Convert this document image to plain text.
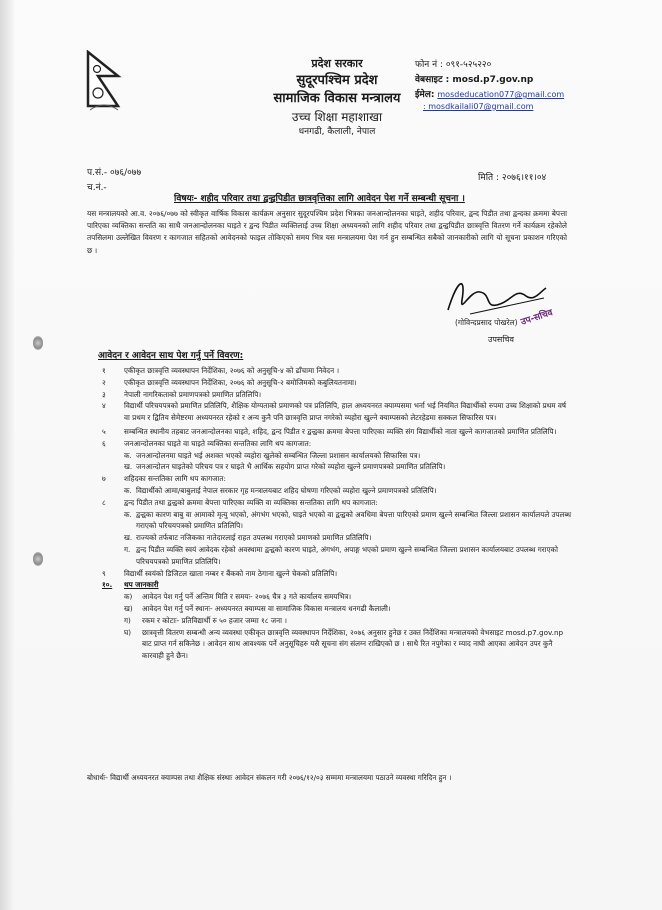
प्रदेश सरकार
सुदूरपश्चिम प्रदेश
सामाजिक विकास मन्त्रालय
उच्च शिक्षा महाशाखा
धनगढी, कैलाली, नेपाल
फोन नं : ०९१-५२५२२०
वेबसाइट : mosd.p7.gov.np
ईमेल: mosdeducation077@gmail.com
: mosdkailali07@gmail.com
प.सं.- ०७६/०७७
च.नं.-
मिति : २०७६।११।०४
विषयः- शहीद परिवार तथा द्वन्द्वपिडीत छात्रवृत्तिका लागि आवेदन पेश गर्ने सम्बन्धी सूचना ।
यस मन्त्रालयको आ.व. २०७६/०७७ को स्वीकृत वार्षिक विकास कार्यक्रम अनुसार सुदूरपश्चिम प्रदेश भित्रका जनआन्दोलनका घाइते, शहीद परिवार, द्वन्द पिडीत तथा द्वन्दका क्रममा बेपत्ता पारिएका व्यक्तिका सन्तति का साथै जनआन्दोलनका घाइते र द्वन्द पिडीत व्यक्तिलाई उच्च शिक्षा अध्ययनको लागि शहीद परिवार तथा द्वन्द्वपिडीत छात्रवृत्ति वितरण गर्ने कार्यक्रम रहेकोले तपसिलमा उल्लेखित विवरण र कागजात सहितको आवेदनको फाइल तोकिएको समय भित्र यस मन्त्रालयमा पेश गर्न हुन सम्बन्धित सबैको जानकारीको लागि यो सूचना प्रकाशन गरिएको छ ।
उप-सचिव
(गोविन्दप्रसाद पोखरेल)
उपसचिव
आवेदन र आवेदन साथ पेश गर्नु पर्ने विवरण:
१	एकीकृत छात्रवृत्ति व्यवस्थापन निर्देशिका, २०७६ को अनुसूचि-४ को ढाँचामा निवेदन ।
२	एकीकृत छात्रवृत्ति व्यवस्थापन निर्देशिका, २०७६ को अनुसूचि-२ बमोजिमको कबुलियतनामा।
३	नेपाली नागरिकताको प्रमाणपत्रको प्रमाणित प्रतिलिपि।
४	विद्यार्थी परिचयपत्रको प्रमाणित प्रतिलिपि, शैक्षिक योग्यताको प्रमाणको पत्र प्रतिलिपि, हाल अध्ययनरत क्याम्पसमा भर्ना भई नियमित विद्यार्थीको रुपमा उच्च शिक्षाको प्रथम वर्ष वा प्रथम र द्वितिय सेमेष्टरमा अध्ययनरत रहेको र अन्य कुनै पनि छात्रवृत्ति प्राप्त नगरेको व्यहोरा खुल्ने क्याम्पसको लेटरहेडमा सक्कल सिफारिस पत्र।
५	सम्बन्धित स्थानीय तहबाट जनआन्दोलनका घाइते, शहिद, द्वन्द पिडीत र द्वन्द्वका क्रममा बेपत्ता पारिएका व्यक्ति संग विद्यार्थीको नाता खुल्ने कागजातको प्रमाणित प्रतिलिपि।
६	जनआन्दोलनका घाइते वा घाइते व्यक्तिका सन्ततिका लागि थप कागजात:
क. जनआन्दोलनमा घाइते भई अशक्त भएको व्यहोरा खुलेको सम्बन्धित जिल्ला प्रशासन कार्यालयको सिफारिस पत्र।
ख. जनआन्दोलन घाइतेको परिचय पत्र र घाइते भै आर्थिक सहयोग प्राप्त गरेको व्यहोरा खुल्ने प्रमाणपत्रको प्रमाणित प्रतिलिपि।
७	शहिदका सन्ततिका लागि थप कागजात:
क. विद्यार्थीको आमा/बाबुलाई नेपाल सरकार गृह मन्त्रालयबाट शहिद घोषणा गरिएको व्यहोरा खुल्ने प्रमाणपत्रको प्रतिलिपि।
८	द्वन्द पिडीत तथा द्वन्द्वको क्रममा बेपत्ता पारिएका व्यक्ति वा व्यक्तिका सन्ततिका लागि थप कागजात:
क. द्वन्द्वका कारण बाबु वा आमाको मृत्यु भएको, अंगभंग भएको, घाइते भएको वा द्वन्द्वको अवधिमा बेपत्ता पारिएको प्रमाण खुल्ने सम्बन्धित जिल्ला प्रशासन कार्यालयले उपलब्ध गराएको परिचयपत्रको प्रमाणित प्रतिलिपि।
ख. राज्यको तर्फबाट नजिकका नातेदारलाई राहत उपलब्ध गराएको प्रमाणको प्रमाणित प्रतिलिपि।
ग. द्वन्द पिडीत व्यक्ति स्वयं आवेदक रहेको अवस्थामा द्वन्द्वको कारण घाइते, अंगभंग, अपाङ्ग भएको प्रमाण खुल्ने सम्बन्धित जिल्ला प्रशासन कार्यालयबाट उपलब्ध गराएको परिचयपत्रको प्रमाणित प्रतिलिपि।
९	विद्यार्थी स्वयंको डिजिटल खाता नम्बर र बैंकको नाम ठेगाना खुल्ने चेकको प्रतिलिपि।
१०.	थप जानकारी
क)	आवेदन पेश गर्नु पर्ने अन्तिम मिति र समयः- २०७६ चैत्र ३ गते कार्यालय समयभित्र।
ख)	आवेदन पेश गर्नु पर्ने स्थानः- अध्ययनरत क्याम्पस वा सामाजिक विकास मन्त्रालय धनगढी कैलाली।
ग)	रकम र कोटाः- प्रतिविद्यार्थी रु ५० हजार जम्मा १८ जना ।
घ)	छात्रवृत्ती वितरण सम्बन्धी अन्य व्यवस्था एकीकृत छात्रवृत्ति व्यवस्थापन निर्देशिका, २०७६ अनुसार हुनेछ र उक्त निर्देशिका मन्त्रालयको वेभसाइट mosd.p7.gov.np बाट प्राप्त गर्न सकिनेछ । आवेदन साथ आवश्यक पर्ने अनुसूचिहरु यसै सूचना संग संलग्न राखिएको छ । साथै रित नपुगेका र म्याद नाघी आएका आवेदन उपर कुनै कारवाही हुने छैन।
बोधार्थः- विद्यार्थी अध्ययनरत क्याम्पस तथा शैक्षिक संस्थाः आवेदन संकलन गरी २०७६/१२/०३ सम्ममा मन्त्रालयमा पठाउने व्यवस्था गरिदिन हुन ।
